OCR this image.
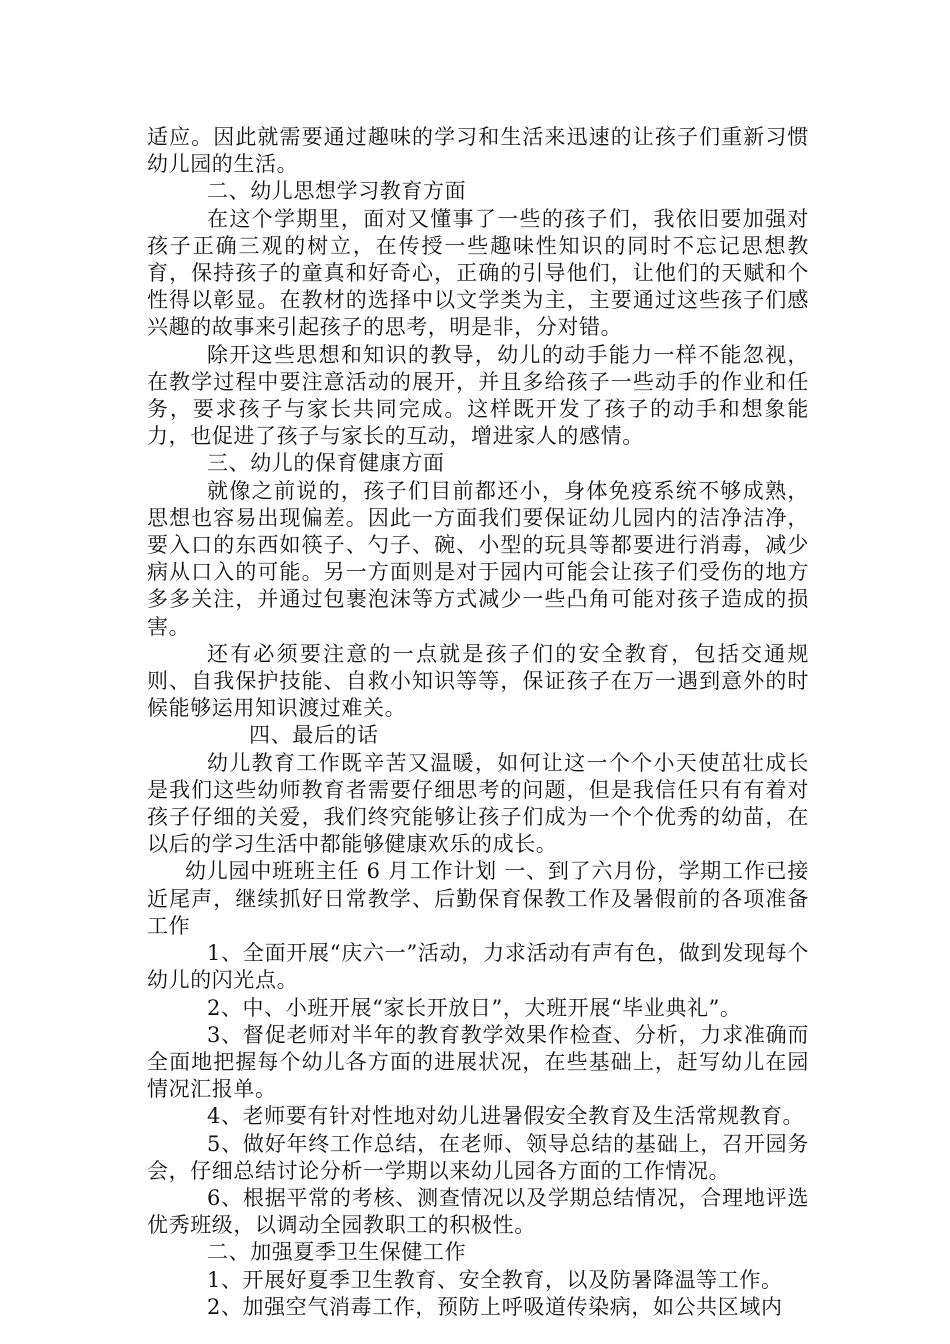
适应。因此就需要通过趣味的学习和生活来迅速的让孩子们重新习惯幼儿园的生活。

二、幼儿思想学习教育方面

在这个学期里，面对又懂事了一些的孩子们，我依旧要加强对孩子正确三观的树立，在传授一些趣味性知识的同时不忘记思想教育，保持孩子的童真和好奇心，正确的引导他们，让他们的天赋和个性得以彰显。在教材的选择中以文学类为主，主要通过这些孩子们感兴趣的故事来引起孩子的思考，明是非，分对错。

除开这些思想和知识的教导，幼儿的动手能力一样不能忽视，在教学过程中要注意活动的展开，并且多给孩子一些动手的作业和任务，要求孩子与家长共同完成。这样既开发了孩子的动手和想象能力，也促进了孩子与家长的互动，增进家人的感情。

三、幼儿的保育健康方面

就像之前说的，孩子们目前都还小，身体免疫系统不够成熟，思想也容易出现偏差。因此一方面我们要保证幼儿园内的洁净洁净，要入口的东西如筷子、勺子、碗、小型的玩具等都要进行消毒，减少病从口入的可能。另一方面则是对于园内可能会让孩子们受伤的地方多多关注，并通过包裹泡沫等方式减少一些凸角可能对孩子造成的损害。

还有必须要注意的一点就是孩子们的安全教育，包括交通规则、自我保护技能、自救小知识等等，保证孩子在万一遇到意外的时候能够运用知识渡过难关。

四、最后的话

幼儿教育工作既辛苦又温暖，如何让这一个个小天使茁壮成长是我们这些幼师教育者需要仔细思考的问题，但是我信任只有有着对孩子仔细的关爱，我们终究能够让孩子们成为一个个优秀的幼苗，在以后的学习生活中都能够健康欢乐的成长。

幼儿园中班班主任 6 月工作计划 一、到了六月份，学期工作已接近尾声，继续抓好日常教学、后勤保育保教工作及暑假前的各项准备工作

1、全面开展“庆六一”活动，力求活动有声有色，做到发现每个幼儿的闪光点。

2、中、小班开展“家长开放日”，大班开展“毕业典礼”。

3、督促老师对半年的教育教学效果作检查、分析，力求准确而全面地把握每个幼儿各方面的进展状况，在些基础上，赶写幼儿在园情况汇报单。

4、老师要有针对性地对幼儿进暑假安全教育及生活常规教育。

5、做好年终工作总结，在老师、领导总结的基础上，召开园务会，仔细总结讨论分析一学期以来幼儿园各方面的工作情况。

6、根据平常的考核、测查情况以及学期总结情况，合理地评选优秀班级，以调动全园教职工的积极性。

二、加强夏季卫生保健工作

1、开展好夏季卫生教育、安全教育，以及防暑降温等工作。

2、加强空气消毒工作，预防上呼吸道传染病，如公共区域内
